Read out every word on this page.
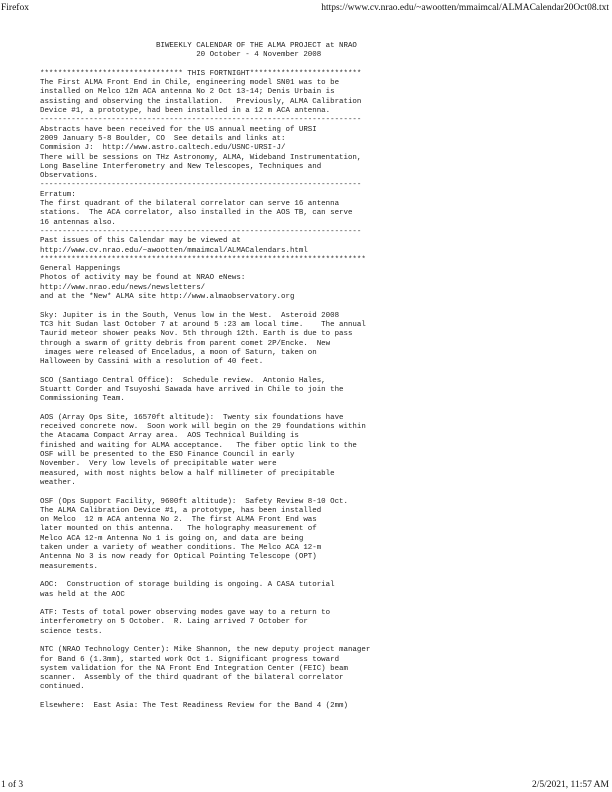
Firefox	https://www.cv.nrao.edu/~awootten/mmaimcal/ALMACalendar20Oct08.txt
BIWEEKLY CALENDAR OF THE ALMA PROJECT at NRAO
20 October - 4 November 2008
******************************** THIS FORTNIGHT*************************
The First ALMA Front End in Chile, engineering model SN01 was to be
installed on Melco 12m ACA antenna No 2 Oct 13-14; Denis Urbain is
assisting and observing the installation.   Previously, ALMA Calibration
Device #1, a prototype, had been installed in a 12 m ACA antenna.
------------------------------------------------------------------------
Abstracts have been received for the US annual meeting of URSI
2009 January 5-8 Boulder, CO  See details and links at:
Commision J:  http://www.astro.caltech.edu/USNC-URSI-J/
There will be sessions on THz Astronomy, ALMA, Wideband Instrumentation,
Long Baseline Interferometry and New Telescopes, Techniques and
Observations.
------------------------------------------------------------------------
Erratum:
The first quadrant of the bilateral correlator can serve 16 antenna
stations.  The ACA correlator, also installed in the AOS TB, can serve
16 antennas also.
------------------------------------------------------------------------
Past issues of this Calendar may be viewed at
http://www.cv.nrao.edu/~awootten/mmaimcal/ALMACalendars.html
*************************************************************************
General Happenings
Photos of activity may be found at NRAO eNews:
http://www.nrao.edu/news/newsletters/
and at the *New* ALMA site http://www.almaobservatory.org
Sky: Jupiter is in the South, Venus low in the West.  Asteroid 2008
TC3 hit Sudan last October 7 at around 5 :23 am local time.    The annual
Taurid meteor shower peaks Nov. 5th through 12th. Earth is due to pass
through a swarm of gritty debris from parent comet 2P/Encke.  New
images were released of Enceladus, a moon of Saturn, taken on
Halloween by Cassini with a resolution of 40 feet.
SCO (Santiago Central Office):  Schedule review.  Antonio Hales,
Stuartt Corder and Tsuyoshi Sawada have arrived in Chile to join the
Commissioning Team.
AOS (Array Ops Site, 16570ft altitude):  Twenty six foundations have
received concrete now.  Soon work will begin on the 29 foundations within
the Atacama Compact Array area.  AOS Technical Building is
finished and waiting for ALMA acceptance.   The fiber optic link to the
OSF will be presented to the ESO Finance Council in early
November.  Very low levels of precipitable water were
measured, with most nights below a half millimeter of precipitable
weather.
OSF (Ops Support Facility, 9600ft altitude):  Safety Review 8-10 Oct.
The ALMA Calibration Device #1, a prototype, has been installed
on Melco  12 m ACA antenna No 2.  The first ALMA Front End was
later mounted on this antenna.   The holography measurement of
Melco ACA 12-m Antenna No 1 is going on, and data are being
taken under a variety of weather conditions. The Melco ACA 12-m
Antenna No 3 is now ready for Optical Pointing Telescope (OPT)
measurements.
AOC:  Construction of storage building is ongoing. A CASA tutorial
was held at the AOC
ATF: Tests of total power observing modes gave way to a return to
interferometry on 5 October.  R. Laing arrived 7 October for
science tests.
NTC (NRAO Technology Center): Mike Shannon, the new deputy project manager
for Band 6 (1.3mm), started work Oct 1. Significant progress toward
system validation for the NA Front End Integration Center (FEIC) beam
scanner.  Assembly of the third quadrant of the bilateral correlator
continued.
Elsewhere:  East Asia: The Test Readiness Review for the Band 4 (2mm)
1 of 3	2/5/2021, 11:57 AM
